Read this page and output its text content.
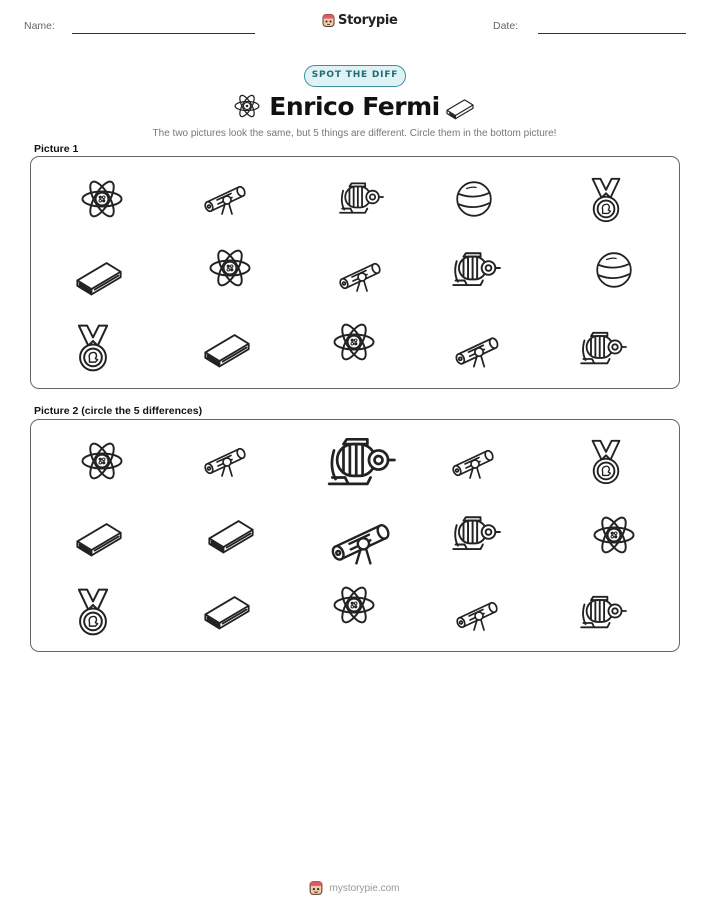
Name:	Storypie	Date:
SPOT THE DIFF
Enrico Fermi
The two pictures look the same, but 5 things are different. Circle them in the bottom picture!
Picture 1
Picture 2 (circle the 5 differences)
mystorypie.com
